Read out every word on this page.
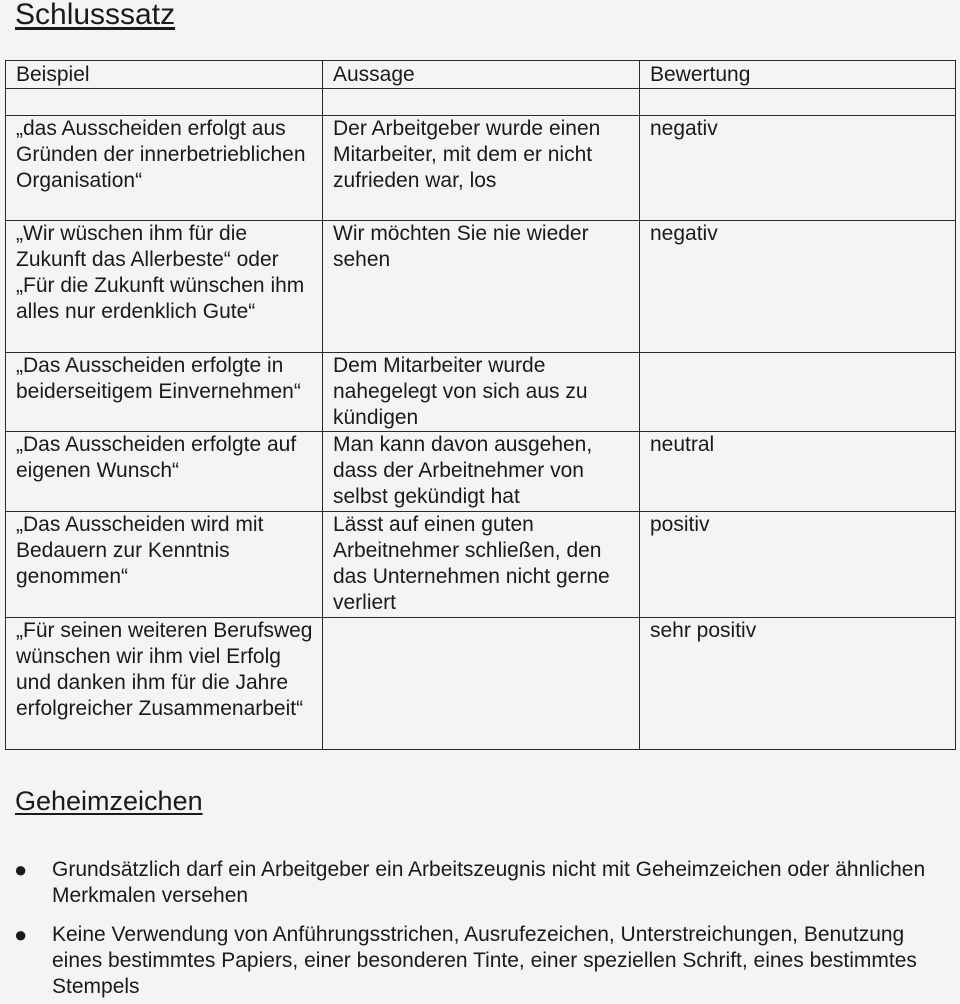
Schlusssatz
Beispiel	Aussage	Bewertung

„das Ausscheiden erfolgt aus Gründen der innerbetrieblichen Organisation“	Der Arbeitgeber wurde einen Mitarbeiter, mit dem er nicht zufrieden war, los	negativ
„Wir wüschen ihm für die Zukunft das Allerbeste“ oder „Für die Zukunft wünschen ihm alles nur erdenklich Gute“	Wir möchten Sie nie wieder sehen	negativ
„Das Ausscheiden erfolgte in beiderseitigem Einvernehmen“	Dem Mitarbeiter wurde nahegelegt von sich aus zu kündigen	
„Das Ausscheiden erfolgte auf eigenen Wunsch“	Man kann davon ausgehen, dass der Arbeitnehmer von selbst gekündigt hat	neutral
„Das Ausscheiden wird mit Bedauern zur Kenntnis genommen“	Lässt auf einen guten Arbeitnehmer schließen, den das Unternehmen nicht gerne verliert	positiv
„Für seinen weiteren Berufsweg wünschen wir ihm viel Erfolg und danken ihm für die Jahre erfolgreicher Zusammenarbeit“		sehr positiv
Geheimzeichen
●	Grundsätzlich darf ein Arbeitgeber ein Arbeitszeugnis nicht mit Geheimzeichen oder ähnlichen Merkmalen versehen
●	Keine Verwendung von Anführungsstrichen, Ausrufezeichen, Unterstreichungen, Benutzung eines bestimmtes Papiers, einer besonderen Tinte, einer speziellen Schrift, eines bestimmtes Stempels
